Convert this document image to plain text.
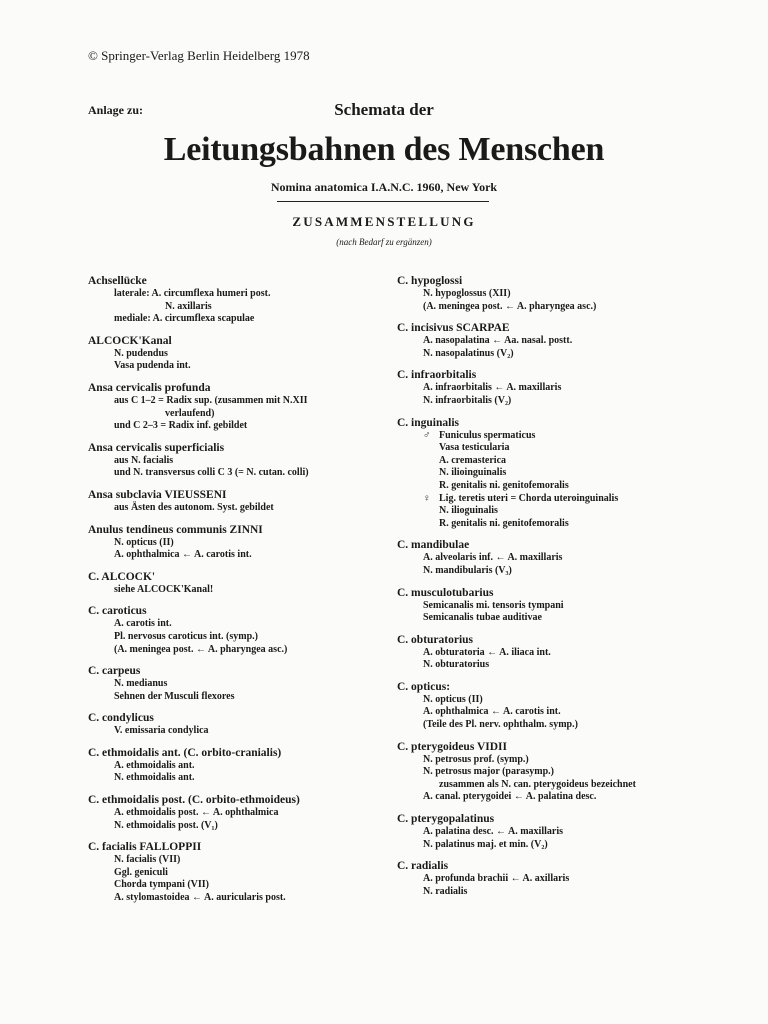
© Springer-Verlag Berlin Heidelberg 1978
Anlage zu:	Schemata der
Leitungsbahnen des Menschen
Nomina anatomica I.A.N.C. 1960, New York
ZUSAMMENSTELLUNG
(nach Bedarf zu ergänzen)
Achsellücke
laterale: A. circumflexa humeri post.
N. axillaris
mediale: A. circumflexa scapulae
ALCOCK'Kanal
N. pudendus
Vasa pudenda int.
Ansa cervicalis profunda
aus C 1–2 = Radix sup. (zusammen mit N.XII
verlaufend)
und C 2–3 = Radix inf. gebildet
Ansa cervicalis superficialis
aus N. facialis
und N. transversus colli C 3 (= N. cutan. colli)
Ansa subclavia VIEUSSENI
aus Ästen des autonom. Syst. gebildet
Anulus tendineus communis ZINNI
N. opticus (II)
A. ophthalmica ← A. carotis int.
C. ALCOCK'
siehe ALCOCK'Kanal!
C. caroticus
A. carotis int.
Pl. nervosus caroticus int. (symp.)
(A. meningea post. ← A. pharyngea asc.)
C. carpeus
N. medianus
Sehnen der Musculi flexores
C. condylicus
V. emissaria condylica
C. ethmoidalis ant. (C. orbito-cranialis)
A. ethmoidalis ant.
N. ethmoidalis ant.
C. ethmoidalis post. (C. orbito-ethmoideus)
A. ethmoidalis post. ← A. ophthalmica
N. ethmoidalis post. (V₁)
C. facialis FALLOPPII
N. facialis (VII)
Ggl. geniculi
Chorda tympani (VII)
A. stylomastoidea ← A. auricularis post.
C. hypoglossi
N. hypoglossus (XII)
(A. meningea post. ← A. pharyngea asc.)
C. incisivus SCARPAE
A. nasopalatina ← Aa. nasal. postt.
N. nasopalatinus (V₂)
C. infraorbitalis
A. infraorbitalis ← A. maxillaris
N. infraorbitalis (V₂)
C. inguinalis
♂ Funiculus spermaticus
Vasa testicularia
A. cremasterica
N. ilioinguinalis
R. genitalis ni. genitofemoralis
♀ Lig. teretis uteri = Chorda uteroinguinalis
N. ilioguinalis
R. genitalis ni. genitofemoralis
C. mandibulae
A. alveolaris inf. ← A. maxillaris
N. mandibularis (V₃)
C. musculotubarius
Semicanalis mi. tensoris tympani
Semicanalis tubae auditivae
C. obturatorius
A. obturatoria ← A. iliaca int.
N. obturatorius
C. opticus:
N. opticus (II)
A. ophthalmica ← A. carotis int.
(Teile des Pl. nerv. ophthalm. symp.)
C. pterygoideus VIDII
N. petrosus prof. (symp.)
N. petrosus major (parasymp.)
zusammen als N. can. pterygoideus bezeichnet
A. canal. pterygoidei ← A. palatina desc.
C. pterygopalatinus
A. palatina desc. ← A. maxillaris
N. palatinus maj. et min. (V₂)
C. radialis
A. profunda brachii ← A. axillaris
N. radialis
